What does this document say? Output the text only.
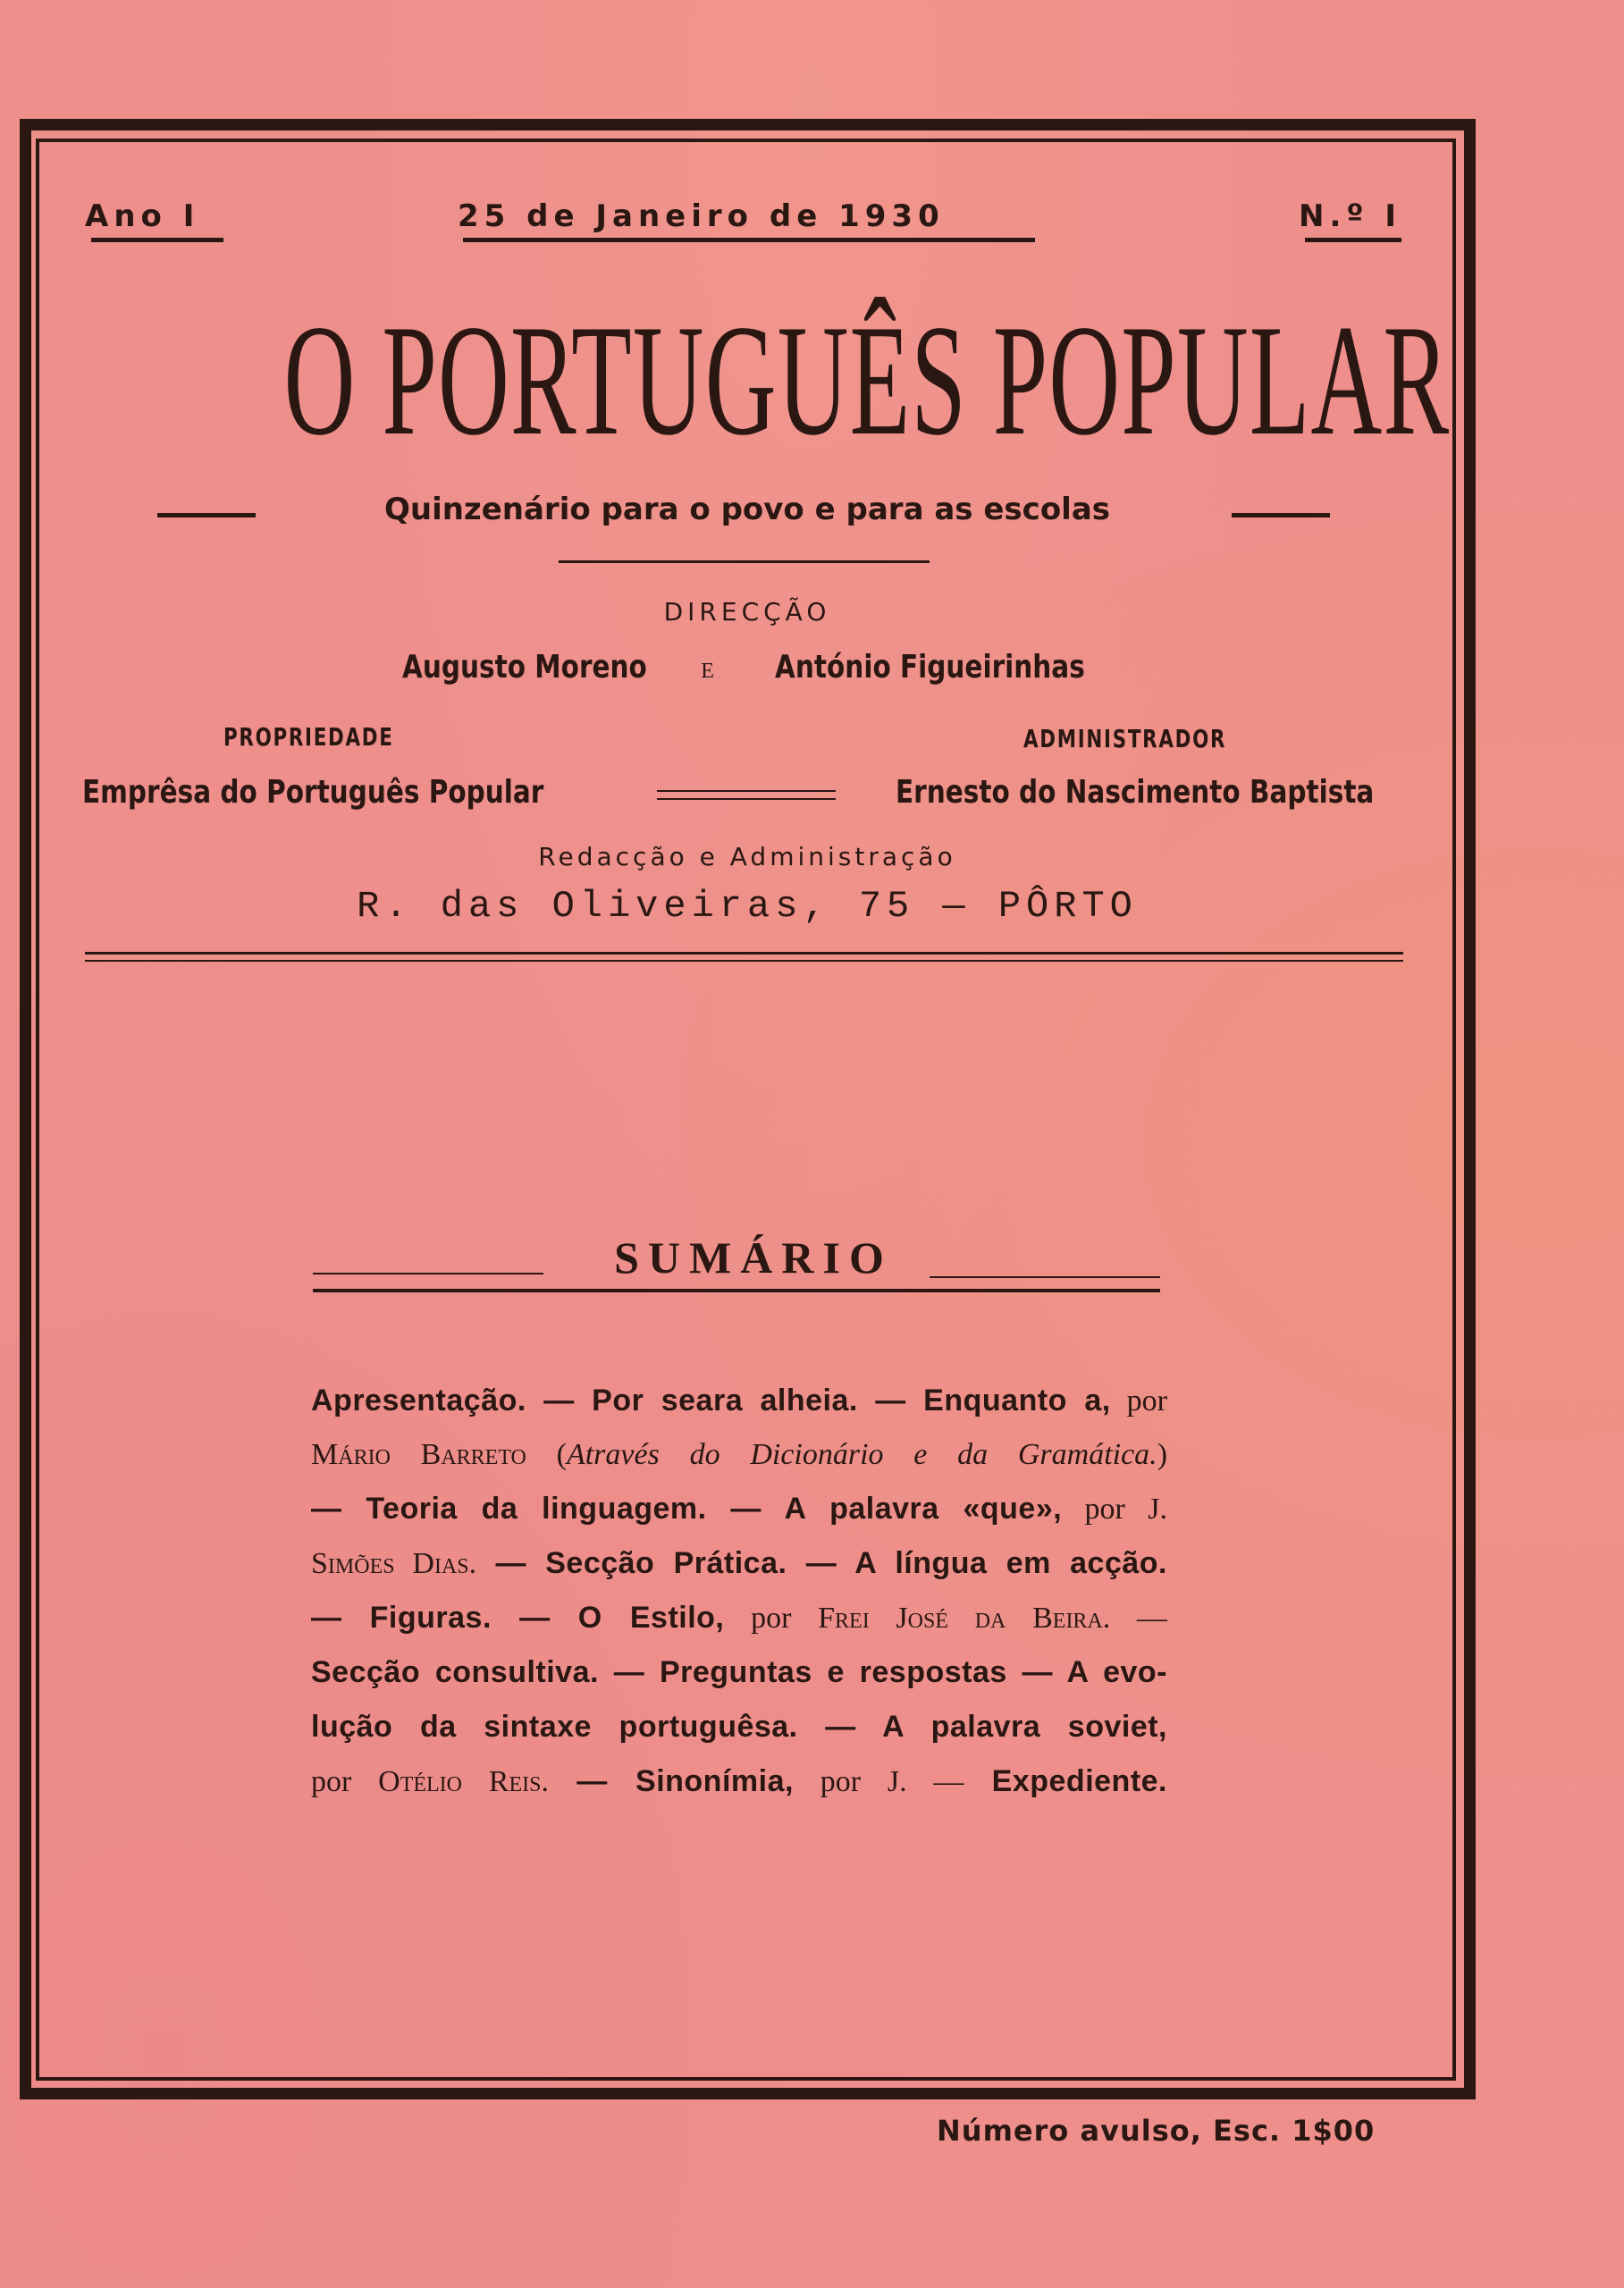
Ano I	25 de Janeiro de 1930	N.º I
O PORTUGUÊS POPULAR
Quinzenário para o povo e para as escolas
DIRECÇÃO
Augusto Moreno	E António Figueirinhas
PROPRIEDADE	ADMINISTRADOR
Emprêsa do Português Popular	Ernesto do Nascimento Baptista
Redacção e Administração
R. das Oliveiras, 75 — PÔRTO
SUMÁRIO
Apresentação. — Por seara alheia. — Enquanto a, por
Mário Barreto (Através do Dicionário e da Gramática.)
— Teoria da linguagem. — A palavra «que», por J.
Simões Dias. — Secção Prática. — A língua em acção.
— Figuras. — O Estilo, por Frei José da Beira. —
Secção consultiva. — Preguntas e respostas — A evo-
lução da sintaxe portuguêsa. — A palavra soviet,
por Otélio Reis. — Sinonímia, por J. — Expediente.
Número avulso, Esc. 1$00
